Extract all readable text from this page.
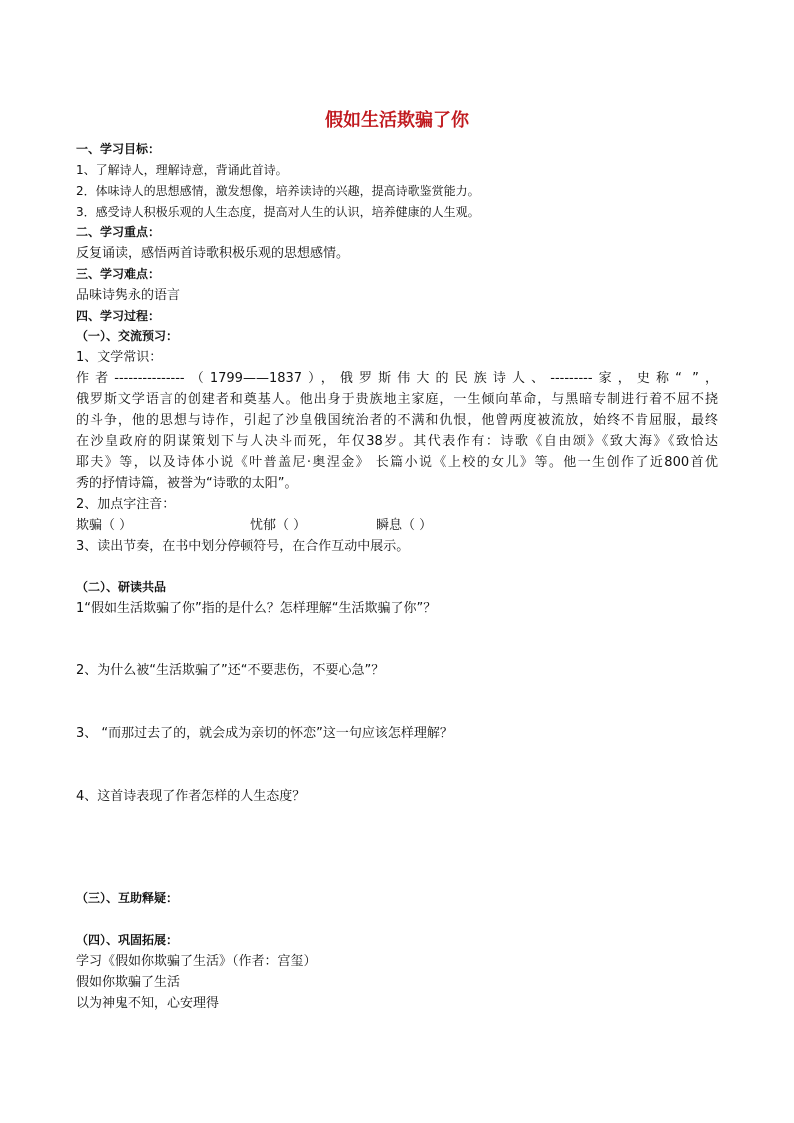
假如生活欺骗了你
一、学习目标：
1、了解诗人，理解诗意，背诵此首诗。
2．体味诗人的思想感情，激发想像，培养读诗的兴趣，提高诗歌鉴赏能力。
3．感受诗人积极乐观的人生态度，提高对人生的认识，培养健康的人生观。
二、学习重点：
反复诵读，感悟两首诗歌积极乐观的思想感情。
三、学习难点：
品味诗隽永的语言
四、学习过程：
（一）、交流预习：
1、文学常识：
作者---------------（1799——1837），俄罗斯伟大的民族诗人、---------家，史称“ ”，
俄罗斯文学语言的创建者和奠基人。他出身于贵族地主家庭，一生倾向革命，与黑暗专制进行着不屈不挠
的斗争，他的思想与诗作，引起了沙皇俄国统治者的不满和仇恨，他曾两度被流放，始终不肯屈服，最终
在沙皇政府的阴谋策划下与人决斗而死，年仅38岁。其代表作有：诗歌《自由颂》《致大海》《致恰达
耶夫》等，以及诗体小说《叶普盖尼·奥涅金》 长篇小说《上校的女儿》等。他一生创作了近800首优
秀的抒情诗篇，被誉为“诗歌的太阳”。
2、加点字注音：
欺骗（ ）	忧郁（ ）	瞬息（ ）
3、读出节奏，在书中划分停顿符号，在合作互动中展示。
（二）、研读共品
1“假如生活欺骗了你”指的是什么？怎样理解“生活欺骗了你”？
2、为什么被“生活欺骗了”还“不要悲伤，不要心急”？
3、 “而那过去了的，就会成为亲切的怀恋”这一句应该怎样理解？
4、这首诗表现了作者怎样的人生态度？
（三）、互助释疑：
（四）、巩固拓展：
学习《假如你欺骗了生活》（作者：宫玺）
假如你欺骗了生活
以为神鬼不知，心安理得
